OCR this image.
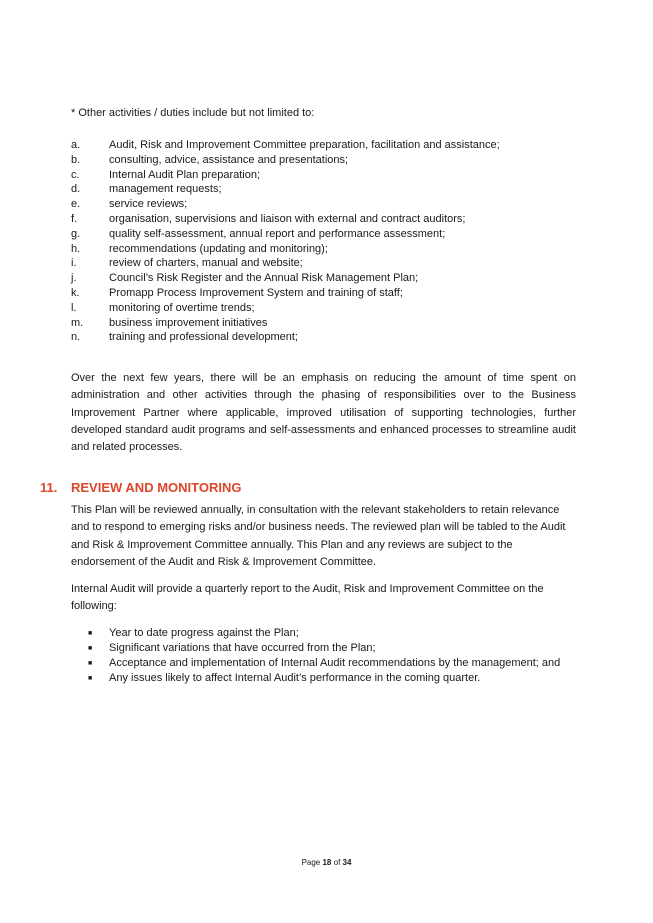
* Other activities / duties include but not limited to:
a.	Audit, Risk and Improvement Committee preparation, facilitation and assistance;
b.	consulting, advice, assistance and presentations;
c.	Internal Audit Plan preparation;
d.	management requests;
e.	service reviews;
f.	organisation, supervisions and liaison with external and contract auditors;
g.	quality self-assessment, annual report and performance assessment;
h.	recommendations (updating and monitoring);
i.	review of charters, manual and website;
j.	Council’s Risk Register and the Annual Risk Management Plan;
k.	Promapp Process Improvement System and training of staff;
l.	monitoring of overtime trends;
m.	business improvement initiatives
n.	training and professional development;
Over the next few years, there will be an emphasis on reducing the amount of time spent on administration and other activities through the phasing of responsibilities over to the Business Improvement Partner where applicable, improved utilisation of supporting technologies, further developed standard audit programs and self-assessments and enhanced processes to streamline audit and related processes.
11. REVIEW AND MONITORING
This Plan will be reviewed annually, in consultation with the relevant stakeholders to retain relevance and to respond to emerging risks and/or business needs. The reviewed plan will be tabled to the Audit and Risk & Improvement Committee annually. This Plan and any reviews are subject to the endorsement of the Audit and Risk & Improvement Committee.
Internal Audit will provide a quarterly report to the Audit, Risk and Improvement Committee on the following:
■	Year to date progress against the Plan;
■	Significant variations that have occurred from the Plan;
■	Acceptance and implementation of Internal Audit recommendations by the management; and
■	Any issues likely to affect Internal Audit’s performance in the coming quarter.
Page 18 of 34
